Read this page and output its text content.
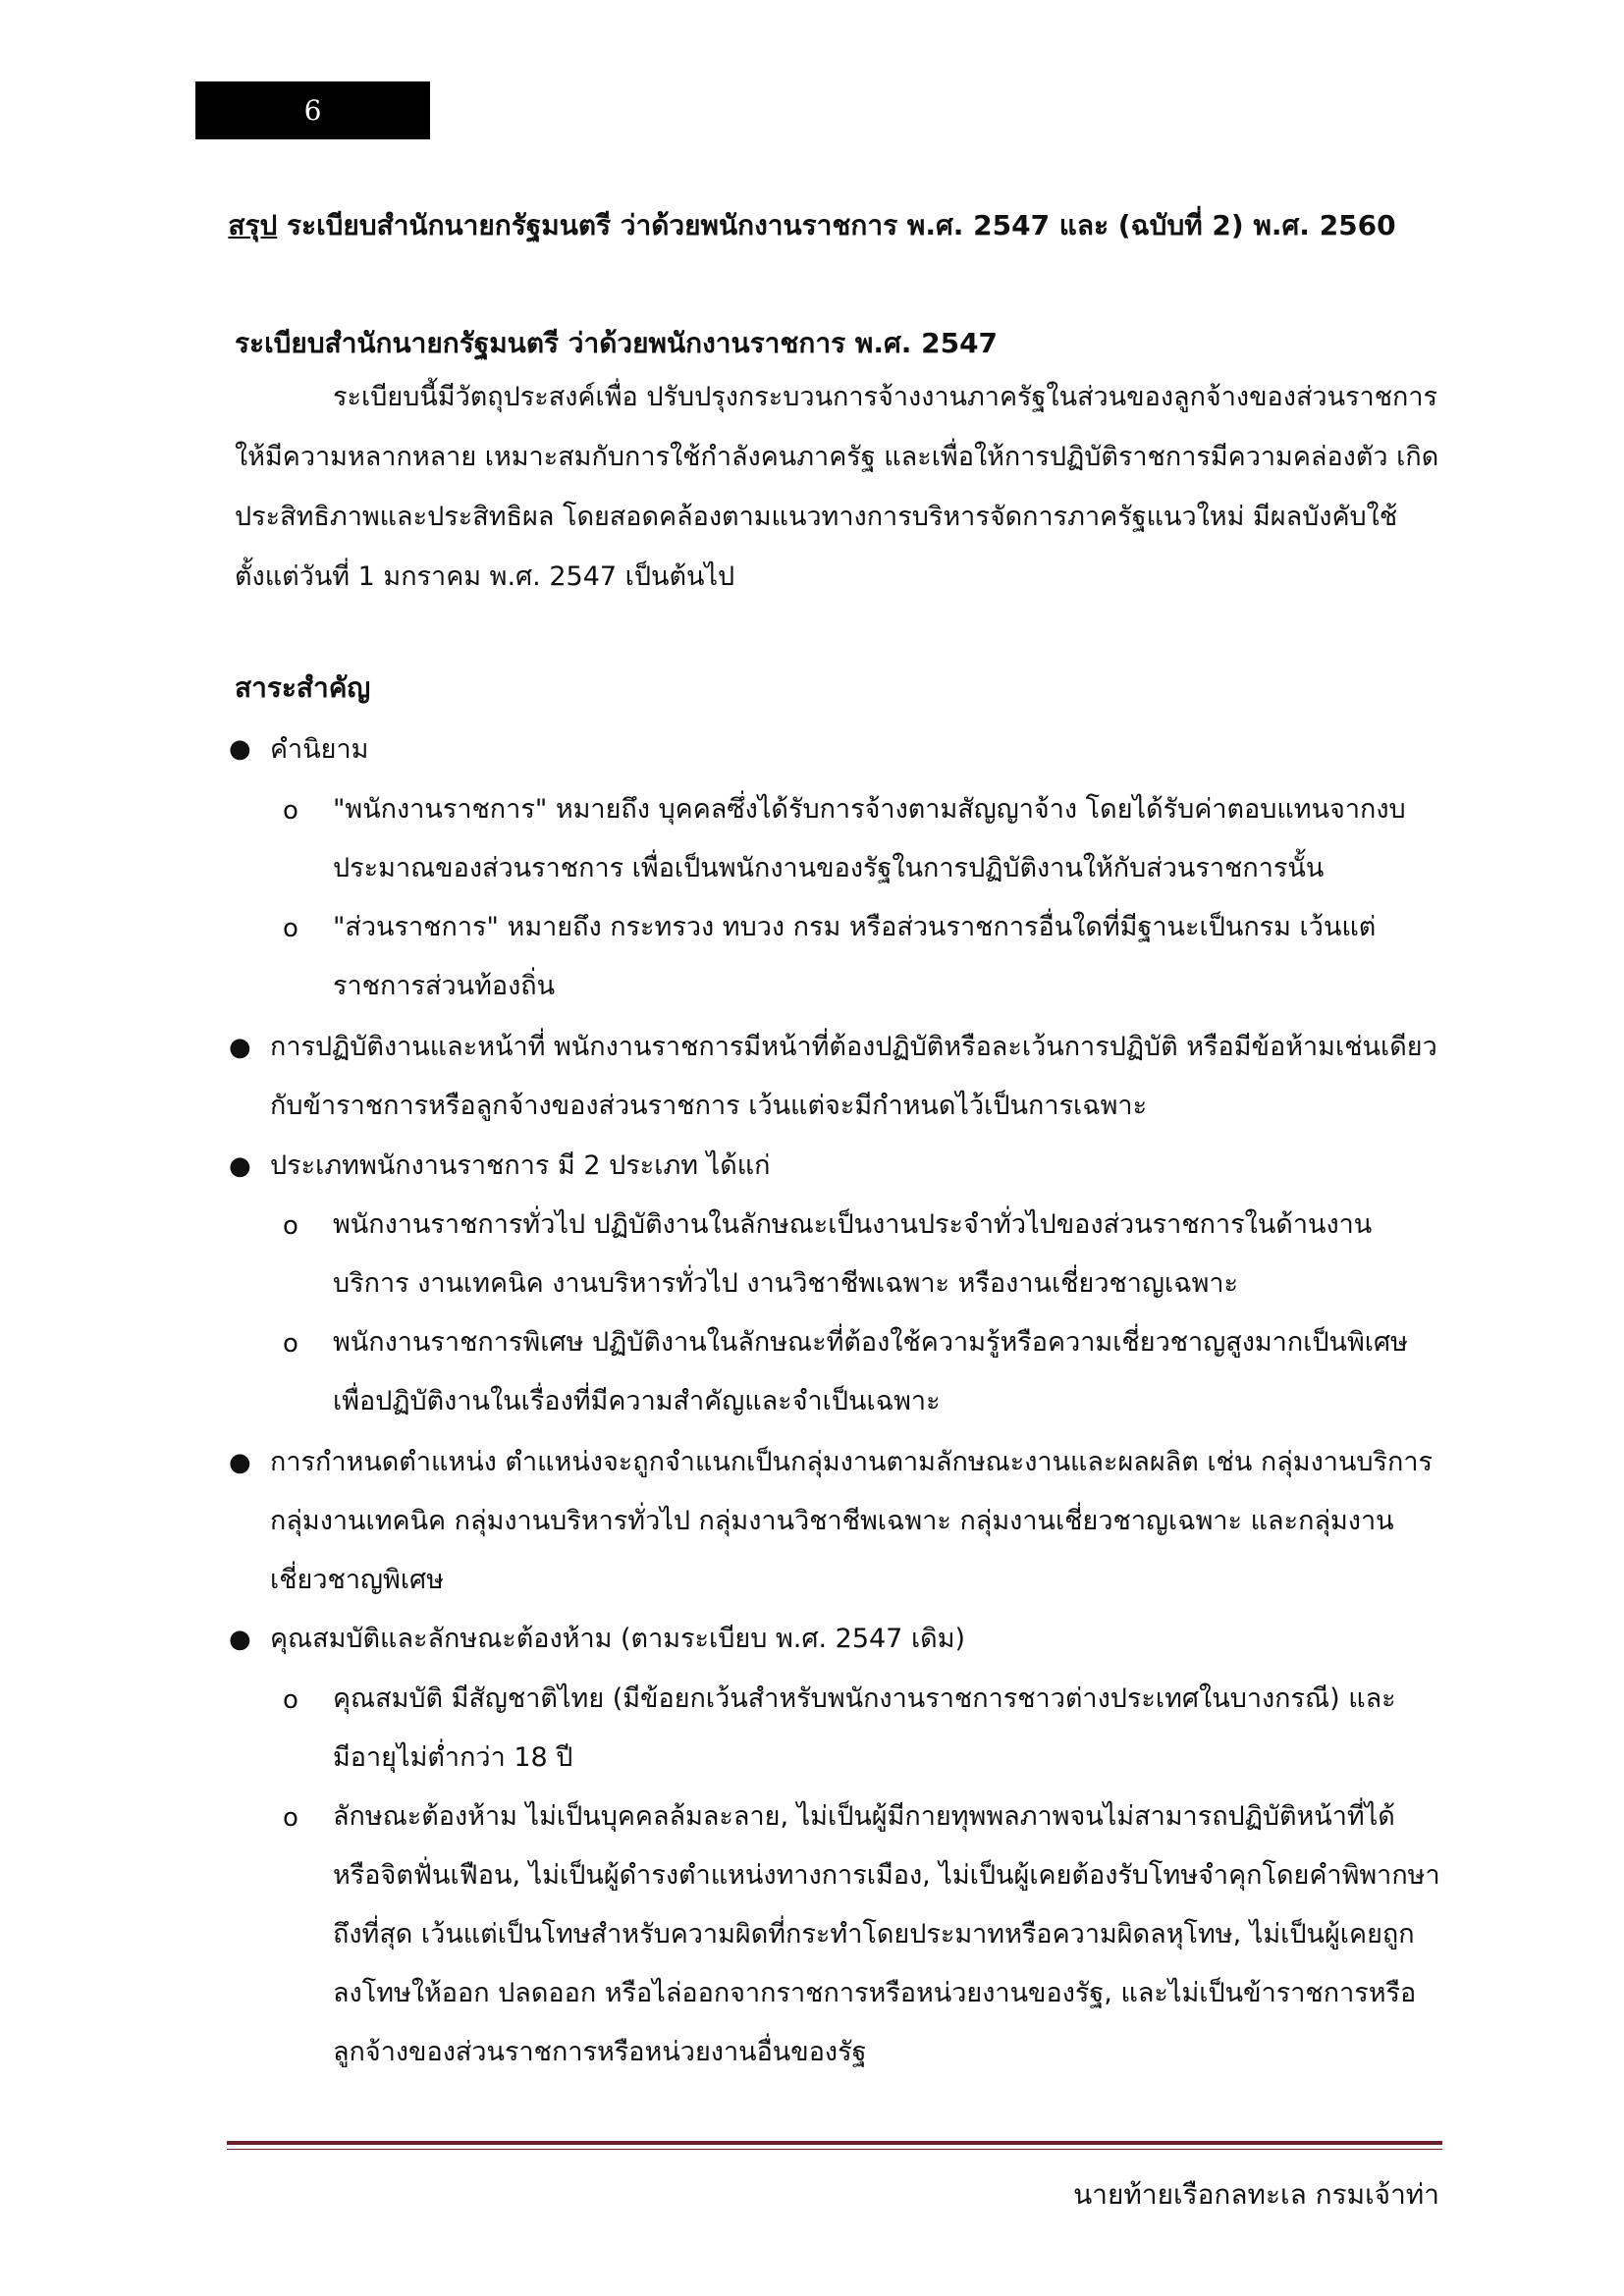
6
สรุป ระเบียบสำนักนายกรัฐมนตรี ว่าด้วยพนักงานราชการ พ.ศ. 2547 และ (ฉบับที่ 2) พ.ศ. 2560
ระเบียบสำนักนายกรัฐมนตรี ว่าด้วยพนักงานราชการ พ.ศ. 2547

ระเบียบนี้มีวัตถุประสงค์เพื่อ ปรับปรุงกระบวนการจ้างงานภาครัฐในส่วนของลูกจ้างของส่วนราชการ ให้มีความหลากหลาย เหมาะสมกับการใช้กำลังคนภาครัฐ และเพื่อให้การปฏิบัติราชการมีความคล่องตัว เกิดประสิทธิภาพและประสิทธิผล โดยสอดคล้องตามแนวทางการบริหารจัดการภาครัฐแนวใหม่ มีผลบังคับใช้ตั้งแต่วันที่ 1 มกราคม พ.ศ. 2547 เป็นต้นไป

สาระสำคัญ
● คำนิยาม

o	"พนักงานราชการ" หมายถึง บุคคลซึ่งได้รับการจ้างตามสัญญาจ้าง โดยได้รับค่าตอบแทนจากงบประมาณของส่วนราชการ เพื่อเป็นพนักงานของรัฐในการปฏิบัติงานให้กับส่วนราชการนั้น

o	"ส่วนราชการ" หมายถึง กระทรวง ทบวง กรม หรือส่วนราชการอื่นใดที่มีฐานะเป็นกรม เว้นแต่ราชการส่วนท้องถิ่น

● การปฏิบัติงานและหน้าที่ พนักงานราชการมีหน้าที่ต้องปฏิบัติหรือละเว้นการปฏิบัติ หรือมีข้อห้ามเช่นเดียวกับข้าราชการหรือลูกจ้างของส่วนราชการ เว้นแต่จะมีกำหนดไว้เป็นการเฉพาะ

● ประเภทพนักงานราชการ มี 2 ประเภท ได้แก่

o	พนักงานราชการทั่วไป ปฏิบัติงานในลักษณะเป็นงานประจำทั่วไปของส่วนราชการในด้านงานบริการ งานเทคนิค งานบริหารทั่วไป งานวิชาชีพเฉพาะ หรืองานเชี่ยวชาญเฉพาะ

o	พนักงานราชการพิเศษ ปฏิบัติงานในลักษณะที่ต้องใช้ความรู้หรือความเชี่ยวชาญสูงมากเป็นพิเศษเพื่อปฏิบัติงานในเรื่องที่มีความสำคัญและจำเป็นเฉพาะ

● การกำหนดตำแหน่ง ตำแหน่งจะถูกจำแนกเป็นกลุ่มงานตามลักษณะงานและผลผลิต เช่น กลุ่มงานบริการ กลุ่มงานเทคนิค กลุ่มงานบริหารทั่วไป กลุ่มงานวิชาชีพเฉพาะ กลุ่มงานเชี่ยวชาญเฉพาะ และกลุ่มงานเชี่ยวชาญพิเศษ

● คุณสมบัติและลักษณะต้องห้าม (ตามระเบียบ พ.ศ. 2547 เดิม)

o	คุณสมบัติ มีสัญชาติไทย (มีข้อยกเว้นสำหรับพนักงานราชการชาวต่างประเทศในบางกรณี) และมีอายุไม่ต่ำกว่า 18 ปี

o	ลักษณะต้องห้าม ไม่เป็นบุคคลล้มละลาย, ไม่เป็นผู้มีกายทุพพลภาพจนไม่สามารถปฏิบัติหน้าที่ได้หรือจิตฟั่นเฟือน, ไม่เป็นผู้ดำรงตำแหน่งทางการเมือง, ไม่เป็นผู้เคยต้องรับโทษจำคุกโดยคำพิพากษาถึงที่สุด เว้นแต่เป็นโทษสำหรับความผิดที่กระทำโดยประมาทหรือความผิดลหุโทษ, ไม่เป็นผู้เคยถูกลงโทษให้ออก ปลดออก หรือไล่ออกจากราชการหรือหน่วยงานของรัฐ, และไม่เป็นข้าราชการหรือลูกจ้างของส่วนราชการหรือหน่วยงานอื่นของรัฐ

นายท้ายเรือกลทะเล กรมเจ้าท่า
